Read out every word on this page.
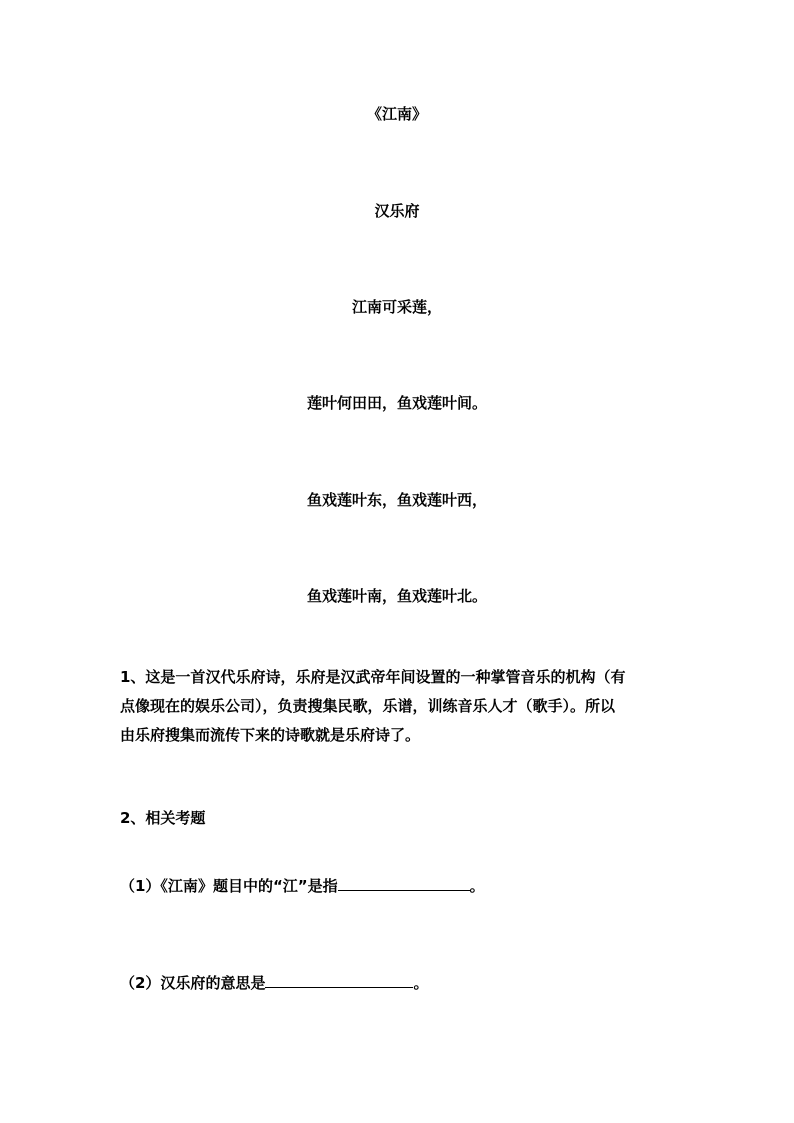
《江南》
汉乐府
江南可采莲，
莲叶何田田，鱼戏莲叶间。
鱼戏莲叶东，鱼戏莲叶西，
鱼戏莲叶南，鱼戏莲叶北。
1、这是一首汉代乐府诗，乐府是汉武帝年间设置的一种掌管音乐的机构（有
点像现在的娱乐公司），负责搜集民歌，乐谱，训练音乐人才（歌手）。所以
由乐府搜集而流传下来的诗歌就是乐府诗了。
2、相关考题
（1）《江南》题目中的“江”是指	。
（2）汉乐府的意思是	。
